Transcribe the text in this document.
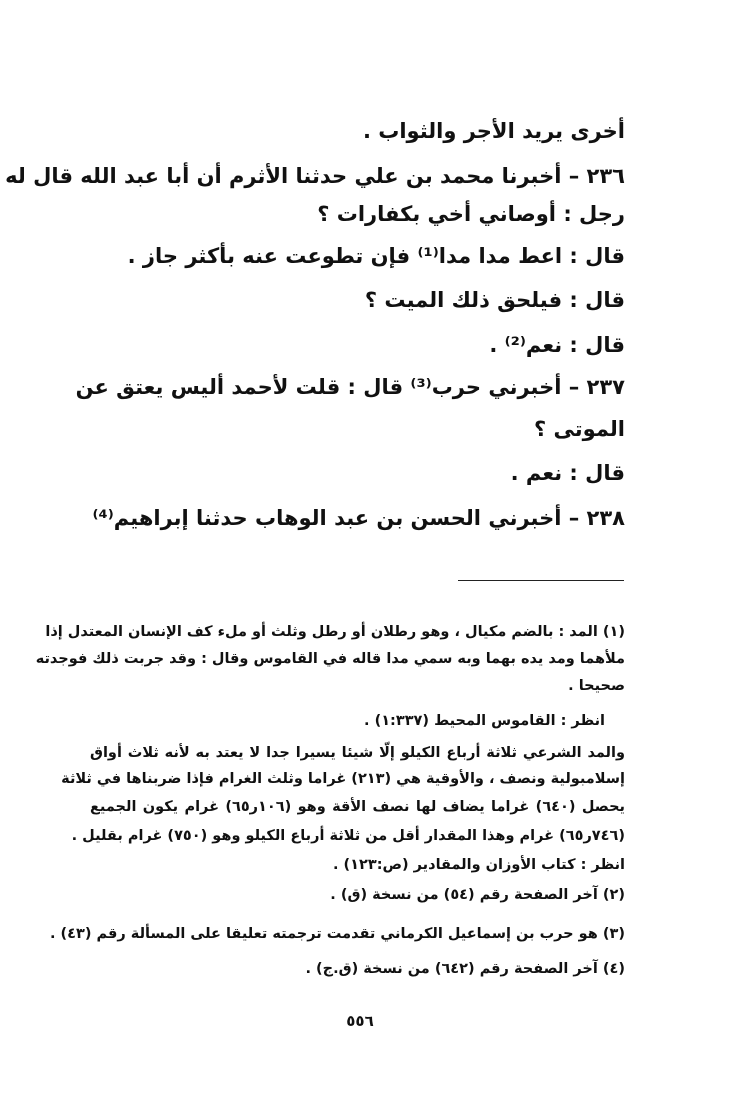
أخرى يريد الأجر والثواب .
٢٣٦ – أخبرنا محمد بن علي حدثنا الأثرم أن أبا عبد الله قال له
رجل : أوصاني أخي بكفارات ؟
قال : اعط مدا مدا⁽¹⁾ فإن تطوعت عنه بأكثر جاز .
قال : فيلحق ذلك الميت ؟
قال : نعم⁽²⁾ .
٢٣٧ – أخبرني حرب⁽³⁾ قال : قلت لأحمد أليس يعتق عن
الموتى ؟
قال : نعم .
٢٣٨ – أخبرني الحسن بن عبد الوهاب حدثنا إبراهيم⁽⁴⁾
(١) المد : بالضم مكيال ، وهو رطلان أو رطل وثلث أو ملء كف الإنسان المعتدل إذا
ملأهما ومد يده بهما وبه سمي مدا قاله في القاموس وقال : وقد جربت ذلك فوجدته
صحيحا .
انظر : القاموس المحيط (١:٣٣٧) .
والمد الشرعي ثلاثة أرباع الكيلو إلّا شيئا يسيرا جدا لا يعتد به لأنه ثلاث أواق
إسلامبولية ونصف ، والأوقية هي (٢١٣) غراما وثلث الغرام فإذا ضربناها في ثلاثة
يحصل (٦٤٠) غراما يضاف لها نصف الأقة وهو (١٠٦ر٦٥) غرام يكون الجميع
(٧٤٦ر٦٥) غرام وهذا المقدار أقل من ثلاثة أرباع الكيلو وهو (٧٥٠) غرام بقليل .
انظر : كتاب الأوزان والمقادير (ص:١٢٣) .
(٢) آخر الصفحة رقم (٥٤) من نسخة (ق) .
(٣) هو حرب بن إسماعيل الكرماني تقدمت ترجمته تعليقا على المسألة رقم (٤٣) .
(٤) آخر الصفحة رقم (٦٤٢) من نسخة (ق.ج) .
٥٥٦
